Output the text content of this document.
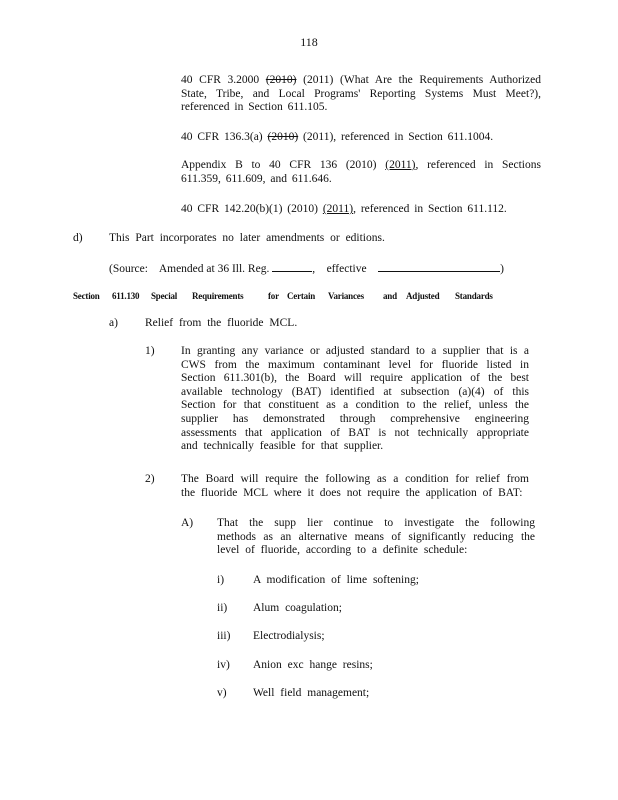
118
40 CFR 3.2000 (2010) (2011) (What Are the Requirements Authorized State, Tribe, and Local Programs' Reporting Systems Must Meet?), referenced in Section 611.105.
40 CFR 136.3(a) (2010) (2011), referenced in Section 611.1004.
Appendix B to 40 CFR 136 (2010) (2011), referenced in Sections 611.359, 611.609, and 611.646.
40 CFR 142.20(b)(1) (2010) (2011), referenced in Section 611.112.
d) This Part incorporates no later amendments or editions.
(Source:    Amended at 36 Ill. Reg.	,    effective	)
Section 611.130 Special Requirements	for Certain Variances and Adjusted Standards
a) Relief from the fluoride MCL.
1) In granting any variance or adjusted standard to a supplier that is a CWS from the maximum contaminant level for fluoride listed in Section 611.301(b), the Board will require application of the best available technology (BAT) identified at subsection (a)(4) of this Section for that constituent as a condition to the relief, unless the supplier has demonstrated through comprehensive engineering assessments that application of BAT is not technically appropriate and technically feasible for that supplier.
2) The Board will require the following as a condition for relief from the fluoride MCL where it does not require the application of BAT:
A) That the supp lier continue to investigate the following methods as an alternative means of significantly reducing the level of fluoride, according to a definite schedule:
i)	A modification of lime softening;
ii) Alum coagulation;
iii) Electrodialysis;
iv) Anion exc hange resins;
v) Well field management;
